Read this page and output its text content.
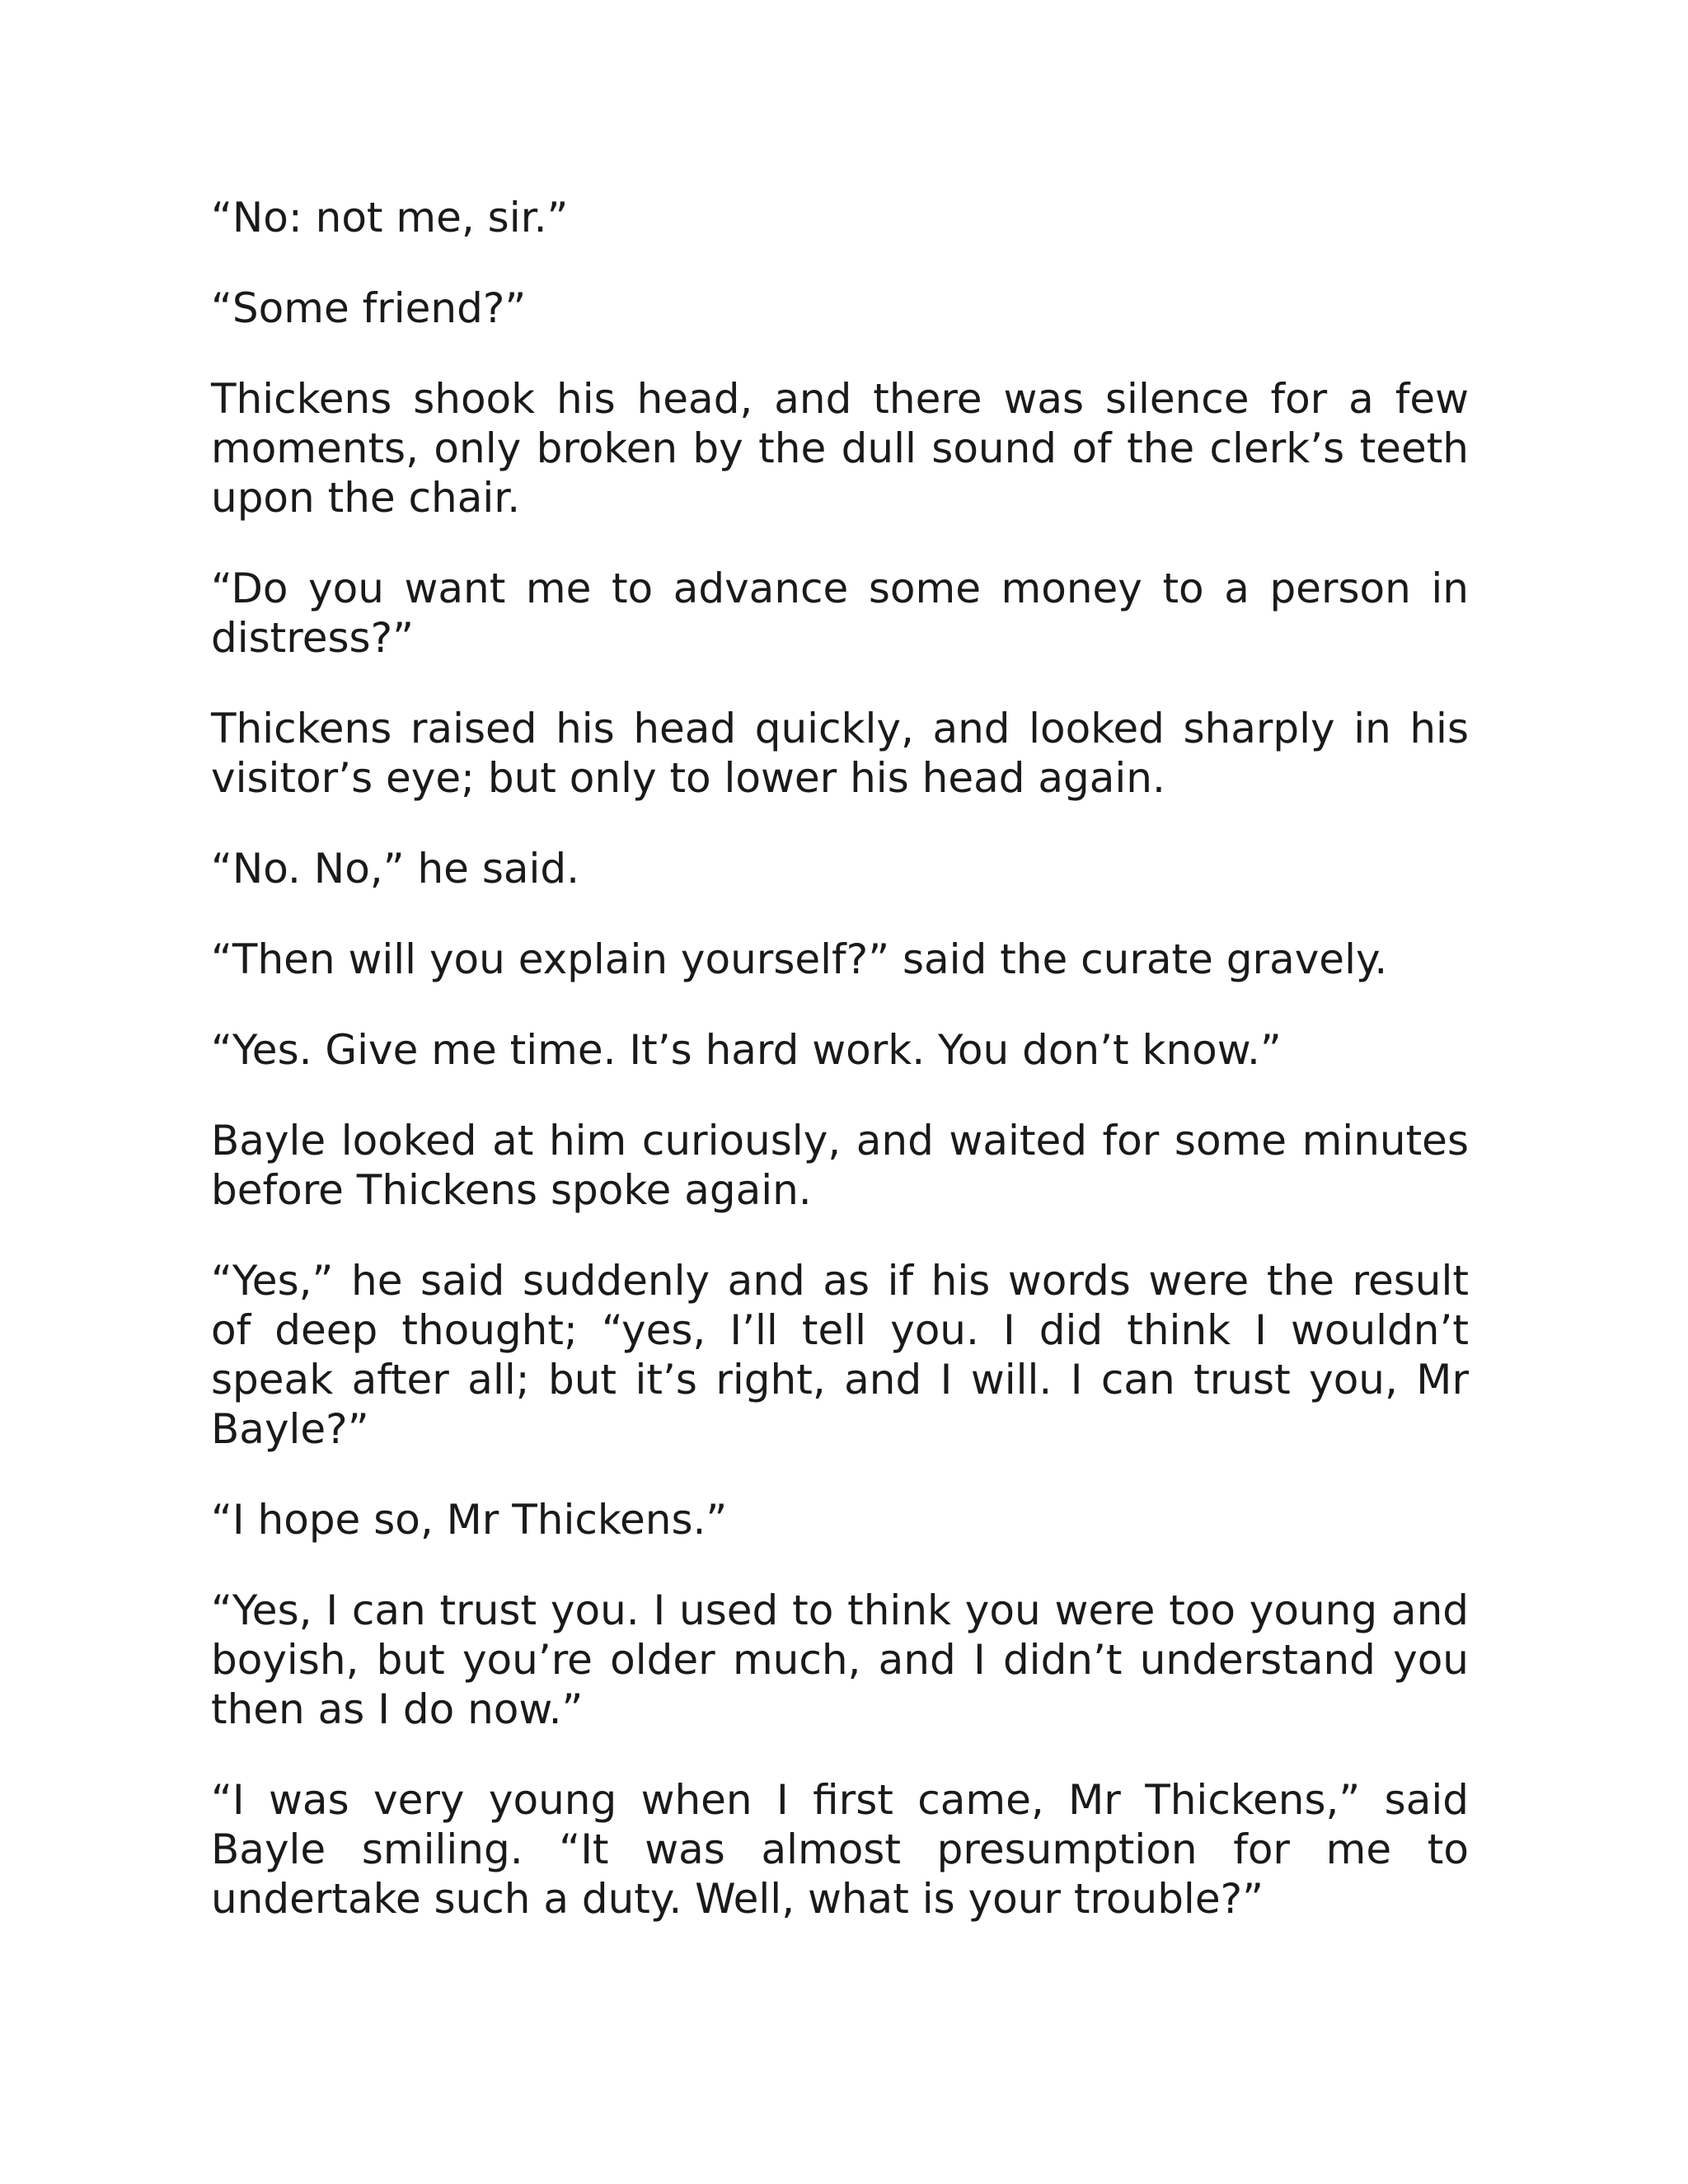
“No: not me, sir.”

“Some friend?”

Thickens shook his head, and there was silence for a few moments, only broken by the dull sound of the clerk’s teeth upon the chair.

“Do you want me to advance some money to a person in distress?”

Thickens raised his head quickly, and looked sharply in his visitor’s eye; but only to lower his head again.

“No. No,” he said.

“Then will you explain yourself?” said the curate gravely.

“Yes. Give me time. It’s hard work. You don’t know.”

Bayle looked at him curiously, and waited for some minutes before Thickens spoke again.

“Yes,” he said suddenly and as if his words were the result of deep thought; “yes, I’ll tell you. I did think I wouldn’t speak after all; but it’s right, and I will. I can trust you, Mr Bayle?”

“I hope so, Mr Thickens.”

“Yes, I can trust you. I used to think you were too young and boyish, but you’re older much, and I didn’t understand you then as I do now.”

“I was very young when I first came, Mr Thickens,” said Bayle smiling. “It was almost presumption for me to undertake such a duty. Well, what is your trouble?”
